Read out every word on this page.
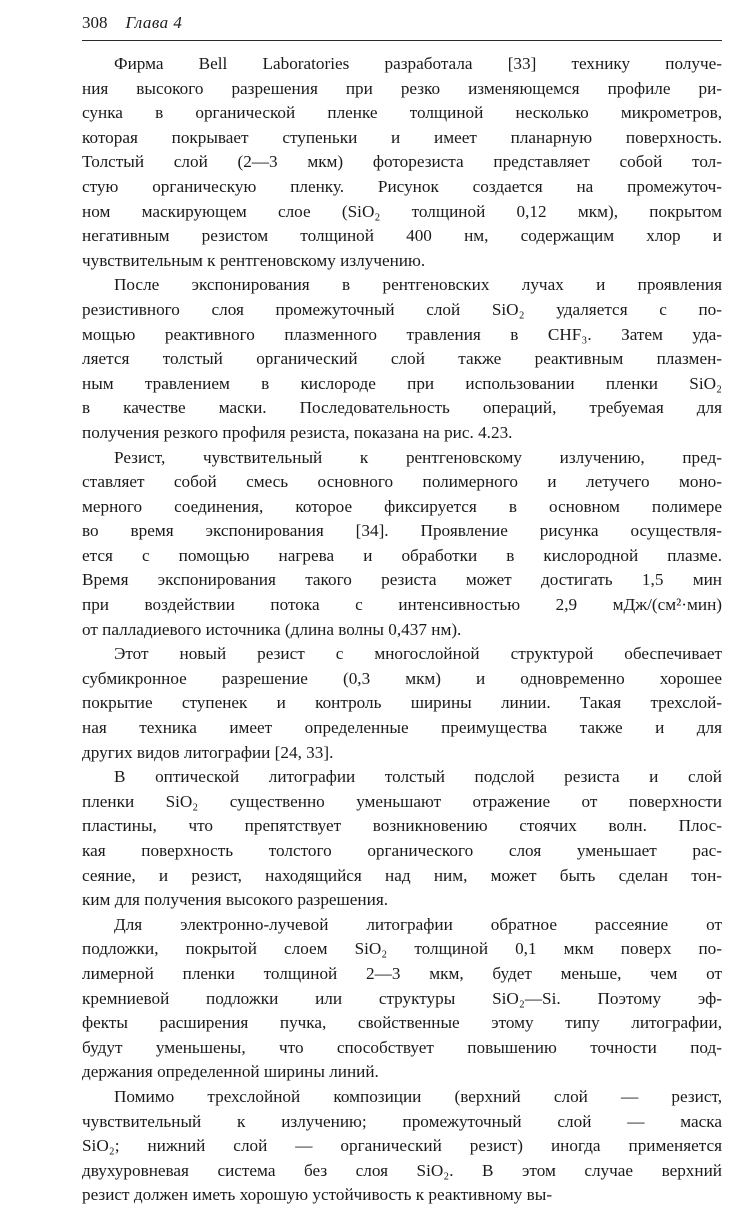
308 Глава 4
Фирма Bell Laboratories разработала [33] технику получе-
ния высокого разрешения при резко изменяющемся профиле ри-
сунка в органической пленке толщиной несколько микрометров,
которая покрывает ступеньки и имеет планарную поверхность.
Толстый слой (2—3 мкм) фоторезиста представляет собой тол-
стую органическую пленку. Рисунок создается на промежуточ-
ном маскирующем слое (SiO₂ толщиной 0,12 мкм), покрытом
негативным резистом толщиной 400 нм, содержащим хлор и
чувствительным к рентгеновскому излучению.
После экспонирования в рентгеновских лучах и проявления
резистивного слоя промежуточный слой SiO₂ удаляется с по-
мощью реактивного плазменного травления в CHF₃. Затем уда-
ляется толстый органический слой также реактивным плазмен-
ным травлением в кислороде при использовании пленки SiO₂
в качестве маски. Последовательность операций, требуемая для
получения резкого профиля резиста, показана на рис. 4.23.
Резист, чувствительный к рентгеновскому излучению, пред-
ставляет собой смесь основного полимерного и летучего моно-
мерного соединения, которое фиксируется в основном полимере
во время экспонирования [34]. Проявление рисунка осуществля-
ется с помощью нагрева и обработки в кислородной плазме.
Время экспонирования такого резиста может достигать 1,5 мин
при воздействии потока с интенсивностью 2,9 мДж/(см²·мин)
от палладиевого источника (длина волны 0,437 нм).
Этот новый резист с многослойной структурой обеспечивает
субмикронное разрешение (0,3 мкм) и одновременно хорошее
покрытие ступенек и контроль ширины линии. Такая трехслой-
ная техника имеет определенные преимущества также и для
других видов литографии [24, 33].
В оптической литографии толстый подслой резиста и слой
пленки SiO₂ существенно уменьшают отражение от поверхности
пластины, что препятствует возникновению стоячих волн. Плос-
кая поверхность толстого органического слоя уменьшает рас-
сеяние, и резист, находящийся над ним, может быть сделан тон-
ким для получения высокого разрешения.
Для электронно-лучевой литографии обратное рассеяние от
подложки, покрытой слоем SiO₂ толщиной 0,1 мкм поверх по-
лимерной пленки толщиной 2—3 мкм, будет меньше, чем от
кремниевой подложки или структуры SiO₂—Si. Поэтому эф-
фекты расширения пучка, свойственные этому типу литографии,
будут уменьшены, что способствует повышению точности под-
держания определенной ширины линий.
Помимо трехслойной композиции (верхний слой — резист,
чувствительный к излучению; промежуточный слой — маска
SiO₂; нижний слой — органический резист) иногда применяется
двухуровневая система без слоя SiO₂. В этом случае верхний
резист должен иметь хорошую устойчивость к реактивному вы-
